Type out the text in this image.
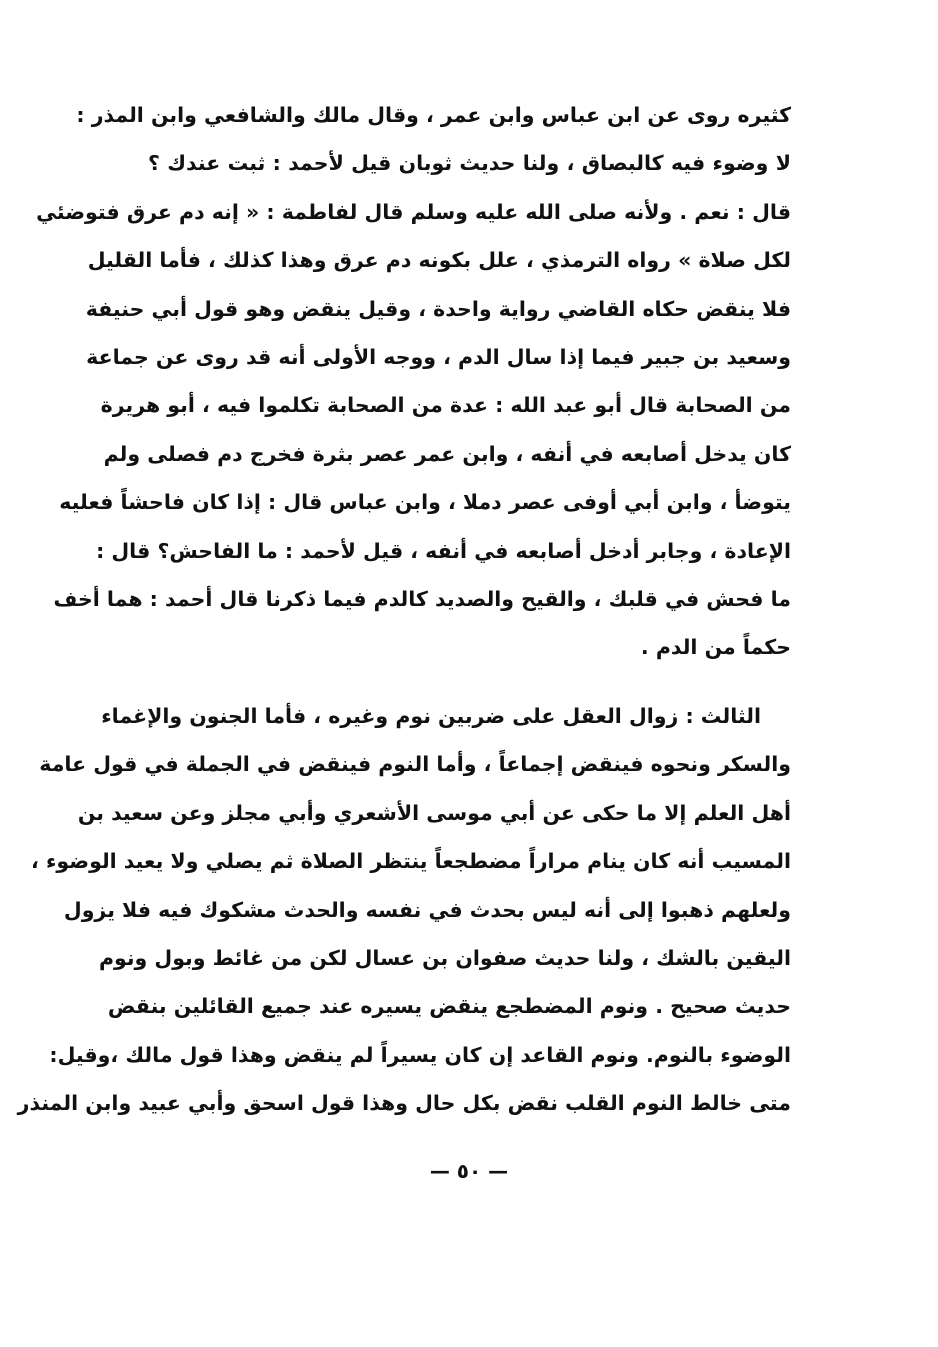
كثيره روى عن ابن عباس وابن عمر ، وقال مالك والشافعي وابن المذر :
لا وضوء فيه كالبصاق ، ولنا حديث ثوبان قيل لأحمد : ثبت عندك ؟
قال : نعم . ولأنه صلى الله عليه وسلم قال لفاطمة : « إنه دم عرق فتوضئي
لكل صلاة » رواه الترمذي ، علل بكونه دم عرق وهذا كذلك ، فأما القليل
فلا ينقض حكاه القاضي رواية واحدة ، وقيل ينقض وهو قول أبي حنيفة
وسعيد بن جبير فيما إذا سال الدم ، ووجه الأولى أنه قد روى عن جماعة
من الصحابة قال أبو عبد الله : عدة من الصحابة تكلموا فيه ، أبو هريرة
كان يدخل أصابعه في أنفه ، وابن عمر عصر بثرة فخرج دم فصلى ولم
يتوضأ ، وابن أبي أوفى عصر دملا ، وابن عباس قال : إذا كان فاحشاً فعليه
الإعادة ، وجابر أدخل أصابعه في أنفه ، قيل لأحمد : ما الفاحش؟ قال :
ما فحش في قلبك ، والقيح والصديد كالدم فيما ذكرنا قال أحمد : هما أخف
حكماً من الدم .
الثالث : زوال العقل على ضربين نوم وغيره ، فأما الجنون والإغماء
والسكر ونحوه فينقض إجماعاً ، وأما النوم فينقض في الجملة في قول عامة
أهل العلم إلا ما حكى عن أبي موسى الأشعري وأبي مجلز وعن سعيد بن
المسيب أنه كان ينام مراراً مضطجعاً ينتظر الصلاة ثم يصلي ولا يعيد الوضوء ،
ولعلهم ذهبوا إلى أنه ليس بحدث في نفسه والحدث مشكوك فيه فلا يزول
اليقين بالشك ، ولنا حديث صفوان بن عسال لكن من غائط وبول ونوم
حديث صحيح . ونوم المضطجع ينقض يسيره عند جميع القائلين بنقض
الوضوء بالنوم. ونوم القاعد إن كان يسيراً لم ينقض وهذا قول مالك ،وقيل:
متى خالط النوم القلب نقض بكل حال وهذا قول اسحق وأبي عبيد وابن المنذر
— ٥٠ —
